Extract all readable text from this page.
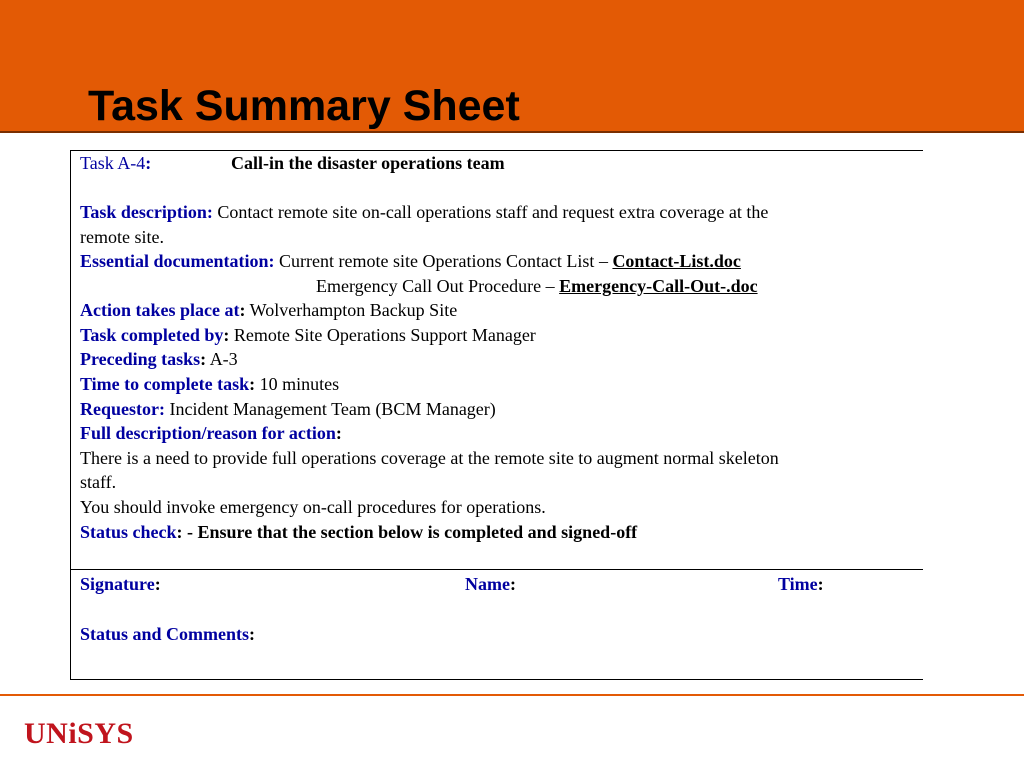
Task Summary Sheet
Task A-4:	Call-in the disaster operations team
Task description: Contact remote site on-call operations staff and request extra coverage at the
remote site.
Essential documentation: Current remote site Operations Contact List – Contact-List.doc
Emergency Call Out Procedure – Emergency-Call-Out-.doc
Action takes place at: Wolverhampton Backup Site
Task completed by: Remote Site Operations Support Manager
Preceding tasks: A-3
Time to complete task: 10 minutes
Requestor: Incident Management Team (BCM Manager)
Full description/reason for action:
There is a need to provide full operations coverage at the remote site to augment normal skeleton
staff.
You should invoke emergency on-call procedures for operations.
Status check: - Ensure that the section below is completed and signed-off
Signature:	Name:	Time:
Status and Comments:
UNiSYS
